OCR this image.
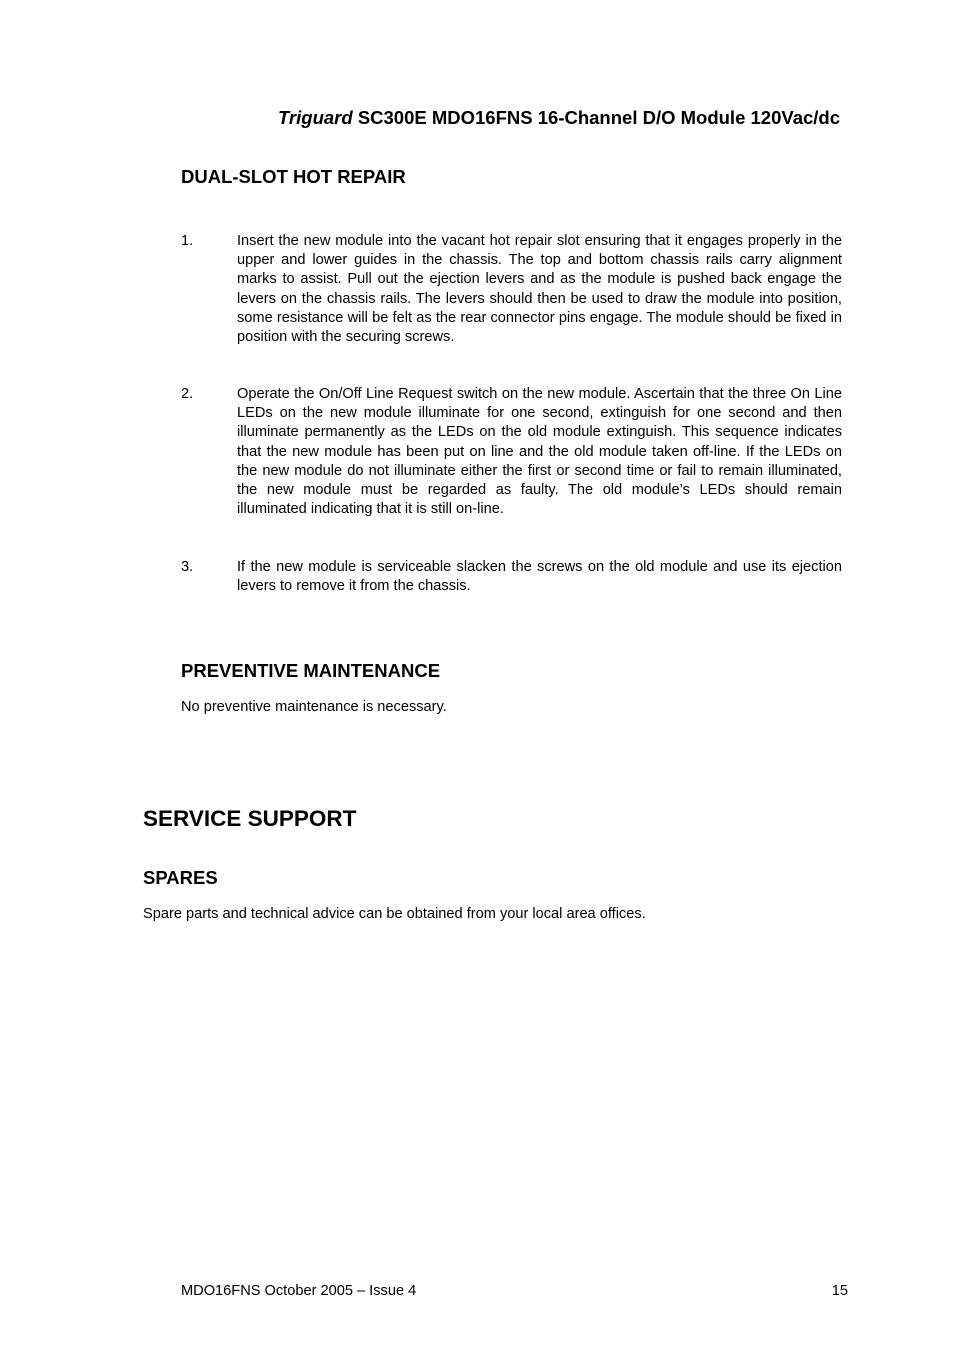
Triguard SC300E MDO16FNS 16-Channel D/O Module 120Vac/dc
DUAL-SLOT HOT REPAIR
1.	Insert the new module into the vacant hot repair slot ensuring that it engages properly in the upper and lower guides in the chassis. The top and bottom chassis rails carry alignment marks to assist. Pull out the ejection levers and as the module is pushed back engage the levers on the chassis rails. The levers should then be used to draw the module into position, some resistance will be felt as the rear connector pins engage. The module should be fixed in position with the securing screws.
2.	Operate the On/Off Line Request switch on the new module. Ascertain that the three On Line LEDs on the new module illuminate for one second, extinguish for one second and then illuminate permanently as the LEDs on the old module extinguish. This sequence indicates that the new module has been put on line and the old module taken off-line. If the LEDs on the new module do not illuminate either the first or second time or fail to remain illuminated, the new module must be regarded as faulty. The old module’s LEDs should remain illuminated indicating that it is still on-line.
3.	If the new module is serviceable slacken the screws on the old module and use its ejection levers to remove it from the chassis.
PREVENTIVE MAINTENANCE
No preventive maintenance is necessary.
SERVICE SUPPORT
SPARES
Spare parts and technical advice can be obtained from your local area offices.
MDO16FNS October 2005 – Issue 4	15
